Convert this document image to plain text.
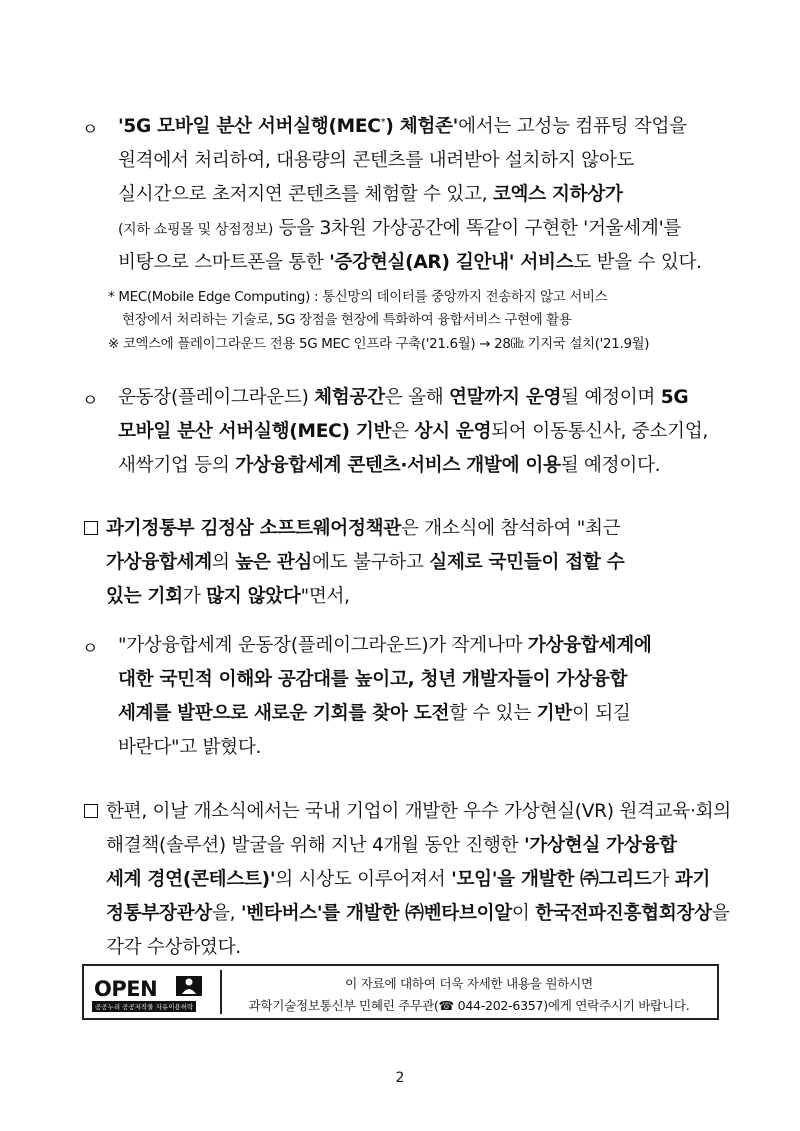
ㅇ '5G 모바일 분산 서버실행(MEC*) 체험존'에서는 고성능 컴퓨팅 작업을
원격에서 처리하여, 대용량의 콘텐츠를 내려받아 설치하지 않아도
실시간으로 초저지연 콘텐츠를 체험할 수 있고, 코엑스 지하상가
(지하 쇼핑몰 및 상점정보) 등을 3차원 가상공간에 똑같이 구현한 '거울세계'를
비탕으로 스마트폰을 통한 '증강현실(AR) 길안내' 서비스도 받을 수 있다.
* MEC(Mobile Edge Computing) : 통신망의 데이터를 중앙까지 전송하지 않고 서비스
현장에서 처리하는 기술로, 5G 장점을 현장에 특화하여 융합서비스 구현에 활용
※ 코엑스에 플레이그라운드 전용 5G MEC 인프라 구축('21.6월) → 28㎓ 기지국 설치('21.9월)
ㅇ 운동장(플레이그라운드) 체험공간은 올해 연말까지 운영될 예정이며 5G
모바일 분산 서버실행(MEC) 기반은 상시 운영되어 이동통신사, 중소기업,
새싹기업 등의 가상융합세계 콘텐츠·서비스 개발에 이용될 예정이다.
과기정통부 김정삼 소프트웨어정책관은 개소식에 참석하여 "최근
가상융합세계의 높은 관심에도 불구하고 실제로 국민들이 접할 수
있는 기회가 많지 않았다"면서,
ㅇ "가상융합세계 운동장(플레이그라운드)가 작게나마 가상융합세계에
대한 국민적 이해와 공감대를 높이고, 청년 개발자들이 가상융합
세계를 발판으로 새로운 기회를 찾아 도전할 수 있는 기반이 되길
바란다"고 밝혔다.
한편, 이날 개소식에서는 국내 기업이 개발한 우수 가상현실(VR) 원격교육·회의
해결책(솔루션) 발굴을 위해 지난 4개월 동안 진행한 '가상현실 가상융합
세계 경연(콘테스트)'의 시상도 이루어져서 '모임'을 개발한 ㈜그리드가 과기
정통부장관상을, '벤타버스'를 개발한 ㈜벤타브이알이 한국전파진흥협회장상을
각각 수상하였다.
OPEN
공공누리 공공저작물 자유이용허락
이 자료에 대하여 더욱 자세한 내용을 원하시면
과학기술정보통신부 민혜린 주무관(☎ 044-202-6357)에게 연락주시기 바랍니다.
2
